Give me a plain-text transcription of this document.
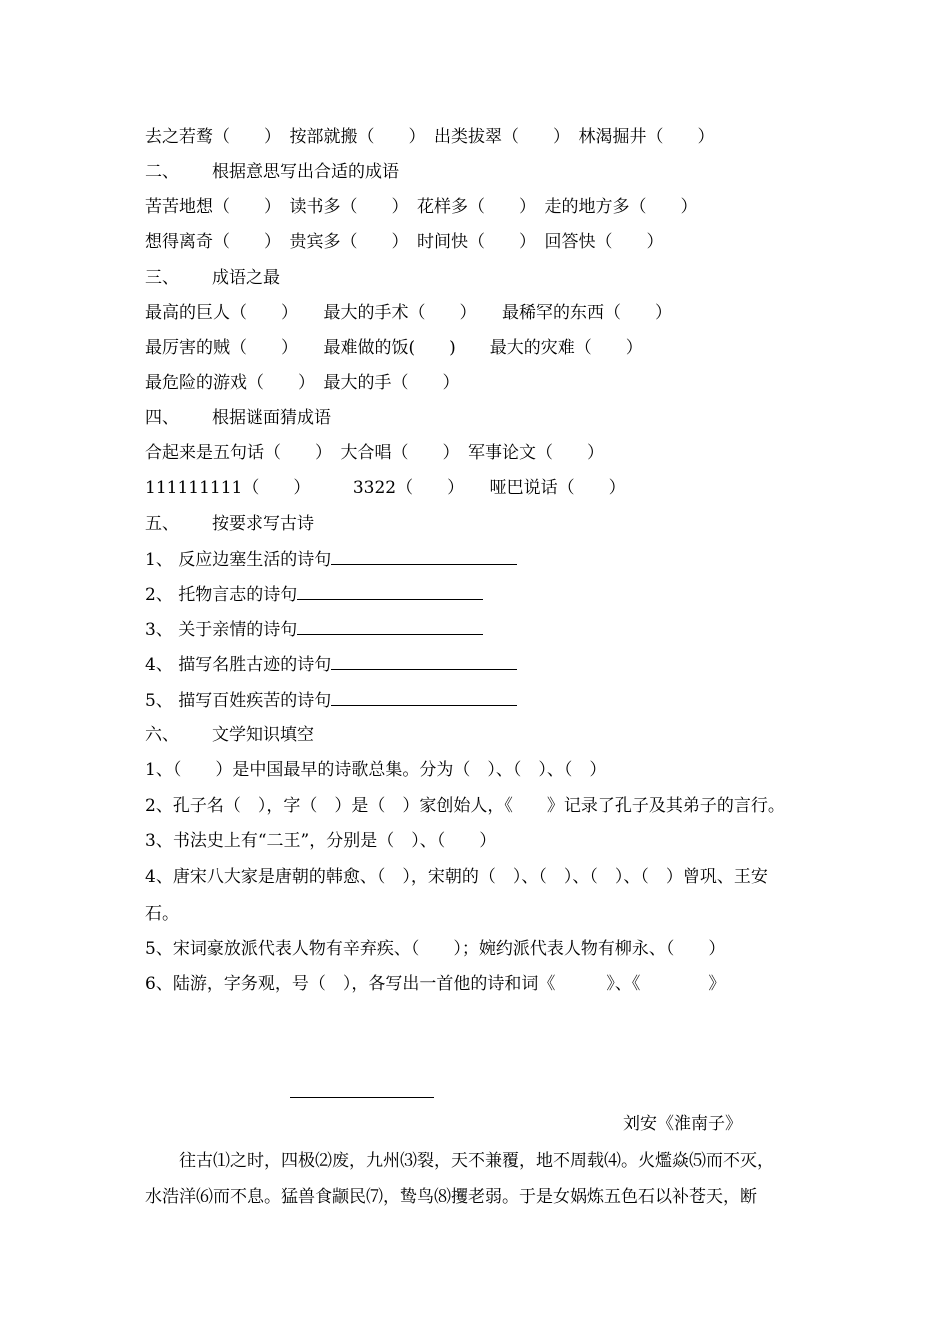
去之若鹜（　　）　按部就搬（　　）　出类拔翠（　　）　林渴掘井（　　）
二、 根据意思写出合适的成语
苦苦地想（　　）　读书多（　　）　花样多（　　）　走的地方多（　　）
想得离奇（　　）　贵宾多（　　）　时间快（　　）　回答快（　　）
三、 成语之最
最高的巨人（　　）　　最大的手术（　　）　　最稀罕的东西（　　）
最厉害的贼（　　）　　最难做的饭(　　)　　最大的灾难（　　）
最危险的游戏（　　）　最大的手（　　）
四、 根据谜面猜成语
合起来是五句话（　　）　大合唱（　　）　军事论文（　　）
111111111（　　）　　　3322（　　）　　哑巴说话（　　）
五、 按要求写古诗
1、 反应边塞生活的诗句
2、 托物言志的诗句
3、 关于亲情的诗句
4、 描写名胜古迹的诗句
5、 描写百姓疾苦的诗句
六、 文学知识填空
1、（　　）是中国最早的诗歌总集。分为（　）、（　）、（　）
2、孔子名（　），字（　）是（　）家创始人，《　　》记录了孔子及其弟子的言行。
3、书法史上有“二王”，分别是（　）、（　　）
4、唐宋八大家是唐朝的韩愈、（　），宋朝的（　）、（　）、（　）、（　）曾巩、王安
石。
5、宋词豪放派代表人物有辛弃疾、（　　）；婉约派代表人物有柳永、（　　）
6、陆游，字务观，号（　），各写出一首他的诗和词《　　　》、《　　　　》
刘安《淮南子》
　　往古⑴之时，四极⑵废，九州⑶裂，天不兼覆，地不周载⑷。火爁焱⑸而不灭，
水浩洋⑹而不息。猛兽食颛民⑺，鸷鸟⑻攫老弱。于是女娲炼五色石以补苍天，断
